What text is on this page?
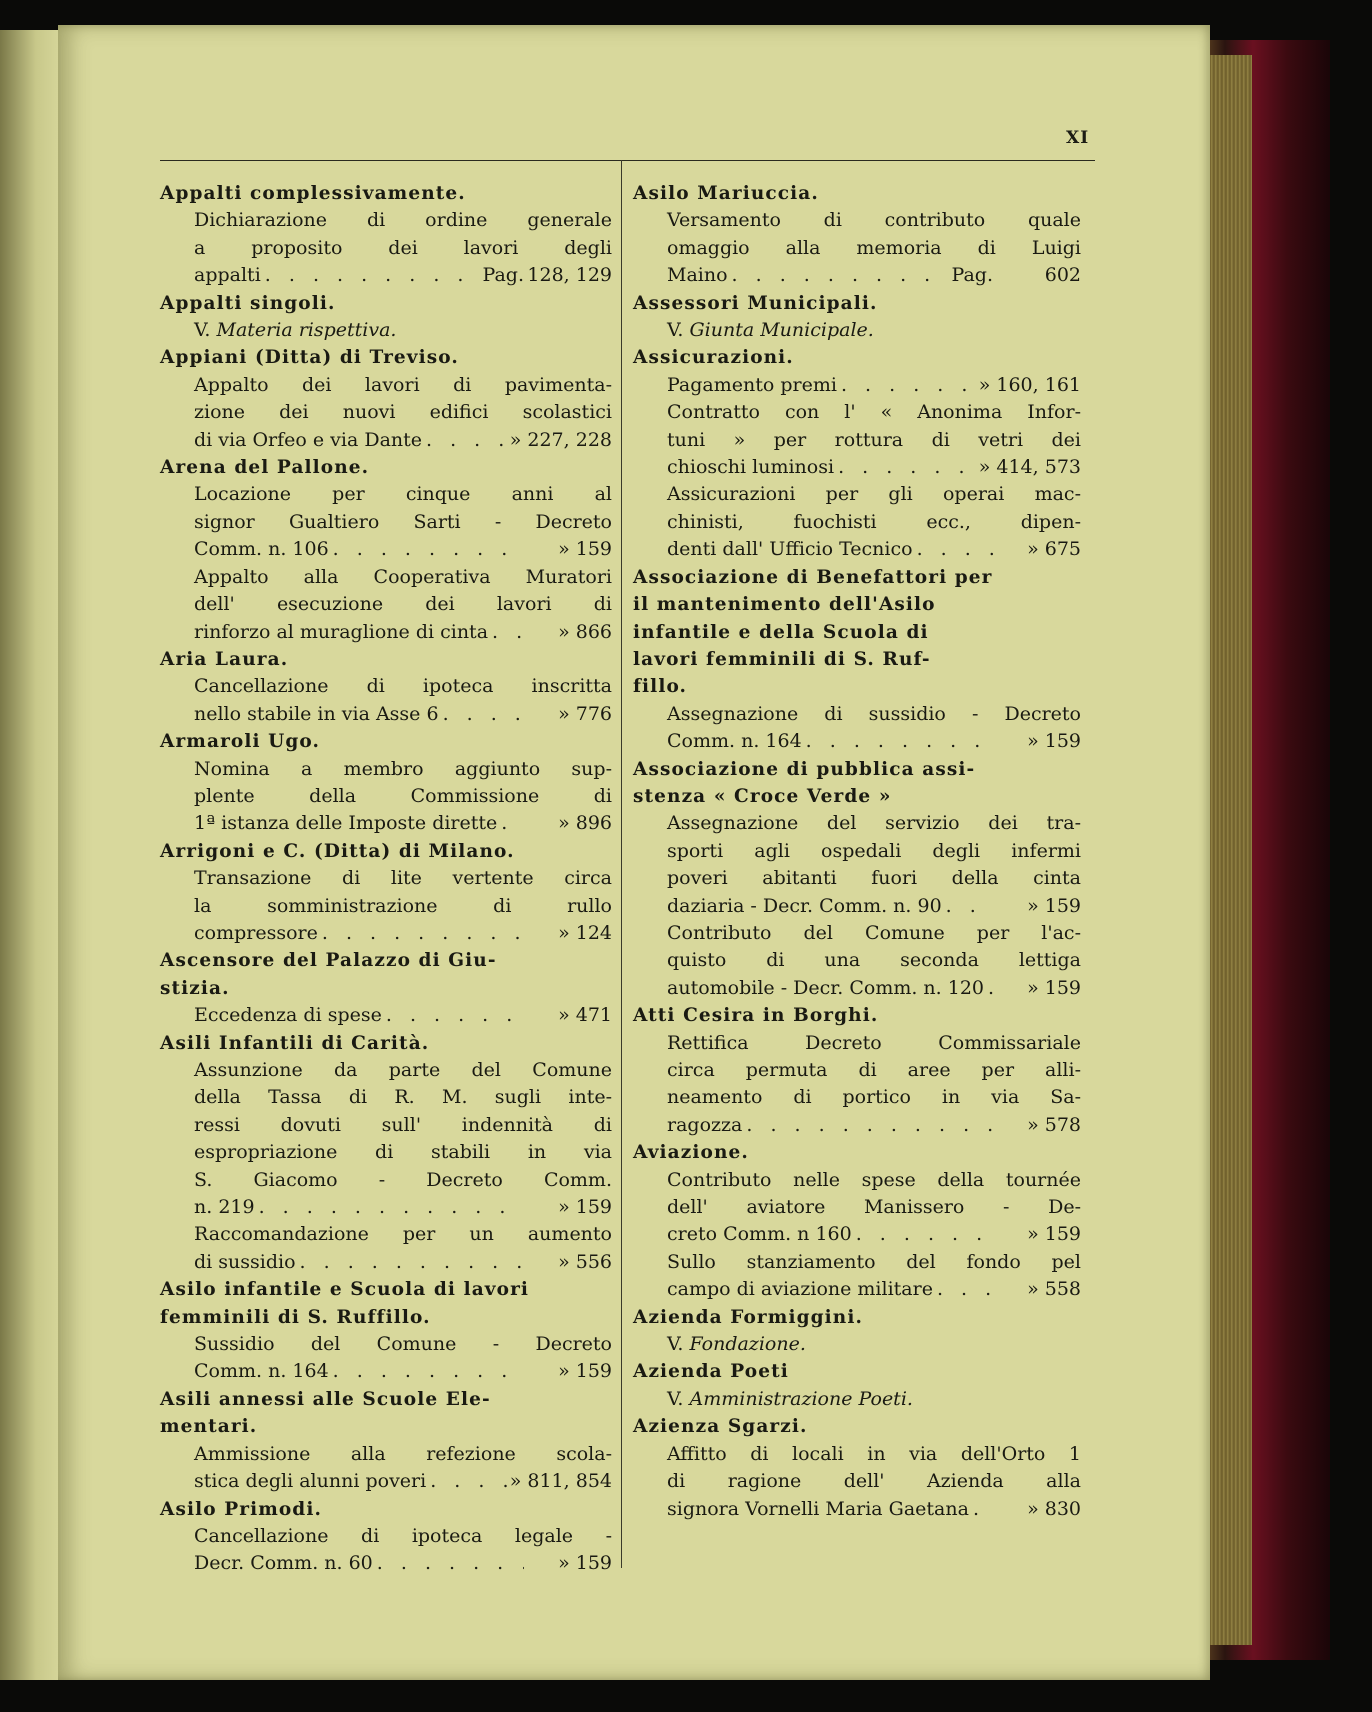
XI
Appalti complessivamente.
Dichiarazione di ordine generale
a proposito dei lavori degli
appalti . . .	Pag. 128, 129
Appalti singoli.
V. Materia rispettiva.
Appiani (Ditta) di Treviso.
Appalto dei lavori di pavimenta-
zione dei nuovi edifici scolastici
di via Orfeo e via Dante . . .	» 227, 228
Arena del Pallone.
Locazione per cinque anni al
signor Gualtiero Sarti - Decreto
Comm. n. 106 . . .	» 159
Appalto alla Cooperativa Muratori
dell' esecuzione dei lavori di
rinforzo al muraglione di cinta . . .	» 866
Aria Laura.
Cancellazione di ipoteca inscritta
nello stabile in via Asse 6 . . .	» 776
Armaroli Ugo.
Nomina a membro aggiunto sup-
plente della Commissione di
1ª istanza delle Imposte dirette . . .	» 896
Arrigoni e C. (Ditta) di Milano.
Transazione di lite vertente circa
la somministrazione di rullo
compressore . . .	» 124
Ascensore del Palazzo di Giu-
stizia.
Eccedenza di spese . . .	» 471
Asili Infantili di Carità.
Assunzione da parte del Comune
della Tassa di R. M. sugli inte-
ressi dovuti sull' indennità di
espropriazione di stabili in via
S. Giacomo - Decreto Comm.
n. 219 . . .	» 159
Raccomandazione per un aumento
di sussidio . . .	» 556
Asilo infantile e Scuola di lavori
femminili di S. Ruffillo.
Sussidio del Comune - Decreto
Comm. n. 164 . . .	» 159
Asili annessi alle Scuole Ele-
mentari.
Ammissione alla refezione scola-
stica degli alunni poveri . . .	» 811, 854
Asilo Primodi.
Cancellazione di ipoteca legale -
Decr. Comm. n. 60 . . .	» 159
Asilo Mariuccia.
Versamento di contributo quale
omaggio alla memoria di Luigi
Maino . . .	Pag.	602
Assessori Municipali.
V. Giunta Municipale.
Assicurazioni.
Pagamento premi . . .	» 160, 161
Contratto con l' « Anonima Infor-
tuni » per rottura di vetri dei
chioschi luminosi . . .	» 414, 573
Assicurazioni per gli operai mac-
chinisti, fuochisti ecc., dipen-
denti dall' Ufficio Tecnico . . .	» 675
Associazione di Benefattori per
il mantenimento dell'Asilo
infantile e della Scuola di
lavori femminili di S. Ruf-
fillo.
Assegnazione di sussidio - Decreto
Comm. n. 164 . . .	» 159
Associazione di pubblica assi-
stenza « Croce Verde »
Assegnazione del servizio dei tra-
sporti agli ospedali degli infermi
poveri abitanti fuori della cinta
daziaria - Decr. Comm. n. 90 . . .	» 159
Contributo del Comune per l'ac-
quisto di una seconda lettiga
automobile - Decr. Comm. n. 120 . . .	» 159
Atti Cesira in Borghi.
Rettifica Decreto Commissariale
circa permuta di aree per alli-
neamento di portico in via Sa-
ragozza . . .	» 578
Aviazione.
Contributo nelle spese della tournée
dell' aviatore Manissero - De-
creto Comm. n 160 . . .	» 159
Sullo stanziamento del fondo pel
campo di aviazione militare . . .	» 558
Azienda Formiggini.
V. Fondazione.
Azienda Poeti
V. Amministrazione Poeti.
Azienza Sgarzi.
Affitto di locali in via dell'Orto 1
di ragione dell' Azienda alla
signora Vornelli Maria Gaetana . . .	» 830
